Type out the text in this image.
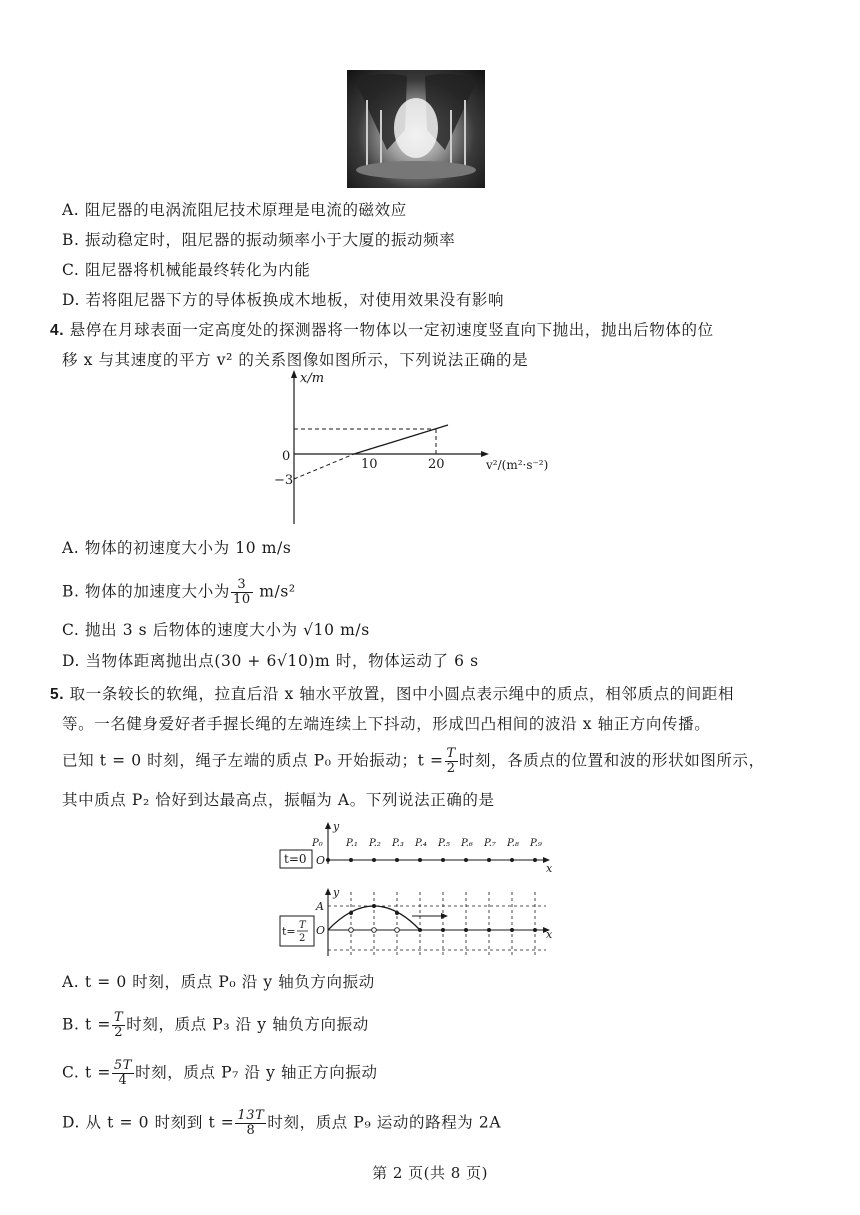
A. 阻尼器的电涡流阻尼技术原理是电流的磁效应
B. 振动稳定时，阻尼器的振动频率小于大厦的振动频率
C. 阻尼器将机械能最终转化为内能
D. 若将阻尼器下方的导体板换成木地板，对使用效果没有影响
4. 悬停在月球表面一定高度处的探测器将一物体以一定初速度竖直向下抛出，抛出后物体的位
移 x 与其速度的平方 v² 的关系图像如图所示，下列说法正确的是
x/m
0
10	20
−3
v²/(m²·s⁻²)
A. 物体的初速度大小为 10 m/s
B. 物体的加速度大小为 $\frac{3}{10} m/s^2$
C. 抛出 3 s 后物体的速度大小为 √10 m/s
D. 当物体距离抛出点(30 + 6√10)m 时，物体运动了 6 s
5. 取一条较长的软绳，拉直后沿 x 轴水平放置，图中小圆点表示绳中的质点，相邻质点的间距相
等。一名健身爱好者手握长绳的左端连续上下抖动，形成凹凸相间的波沿 x 轴正方向传播。
已知 t = 0 时刻，绳子左端的质点 P₀ 开始振动；$t = \frac{T}{2}$ 时刻，各质点的位置和波的形状如图所示，
其中质点 P₂ 恰好到达最高点，振幅为 A。下列说法正确的是
t=0
y
x
O
P₀ P.₁ P.₂ P.₃ P.₄ P.₅ P.₆ P.₇ P.₈ P.₉
t= T
2
y
x
O
A
A. t = 0 时刻，质点 P₀ 沿 y 轴负方向振动
B. $t = \frac{T}{2}$ 时刻，质点 P₃ 沿 y 轴负方向振动
C. $t = \frac{5T}{4}$ 时刻，质点 P₇ 沿 y 轴正方向振动
D. 从 t = 0 时刻到 $t = \frac{13T}{8}$ 时刻，质点 P₉ 运动的路程为 2A
第 2 页(共 8 页)
